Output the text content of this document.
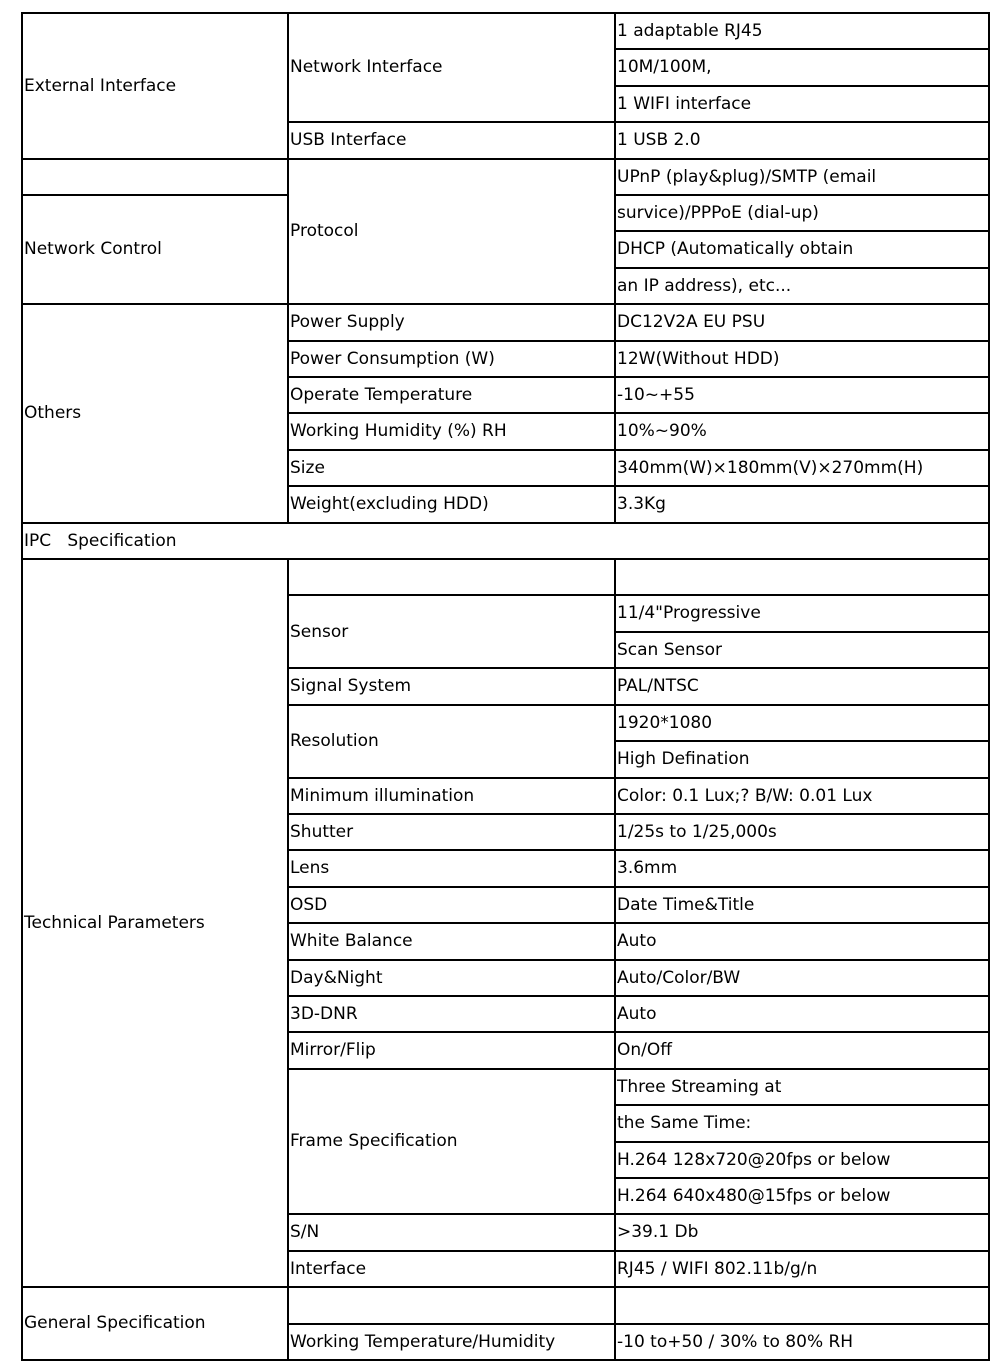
External Interface	Network Interface	1 adaptable RJ45
		10M/100M,
		1 WIFI interface
	USB Interface	1 USB 2.0
	Protocol	UPnP (play&plug)/SMTP (email
Network Control		survice)/PPPoE (dial-up)
		DHCP (Automatically obtain
		an IP address), etc...
Others	Power Supply	DC12V2A EU PSU
	Power Consumption (W)	12W(Without HDD)
	Operate Temperature	-10~+55
	Working Humidity (%) RH	10%~90%
	Size	340mm(W)×180mm(V)×270mm(H)
	Weight(excluding HDD)	3.3Kg
IPC   Specification		
Technical Parameters		
	Sensor	11/4"Progressive
		Scan Sensor
	Signal System	PAL/NTSC
	Resolution	1920*1080
		High Defination
	Minimum illumination	Color: 0.1 Lux;? B/W: 0.01 Lux
	Shutter	1/25s to 1/25,000s
	Lens	3.6mm
	OSD	Date Time&Title
	White Balance	Auto
	Day&Night	Auto/Color/BW
	3D-DNR	Auto
	Mirror/Flip	On/Off
	Frame Specification	Three Streaming at
		the Same Time:
		H.264 128x720@20fps or below
		H.264 640x480@15fps or below
	S/N	>39.1 Db
	Interface	RJ45 / WIFI 802.11b/g/n
General Specification		
	Working Temperature/Humidity	-10 to+50 / 30% to 80% RH
